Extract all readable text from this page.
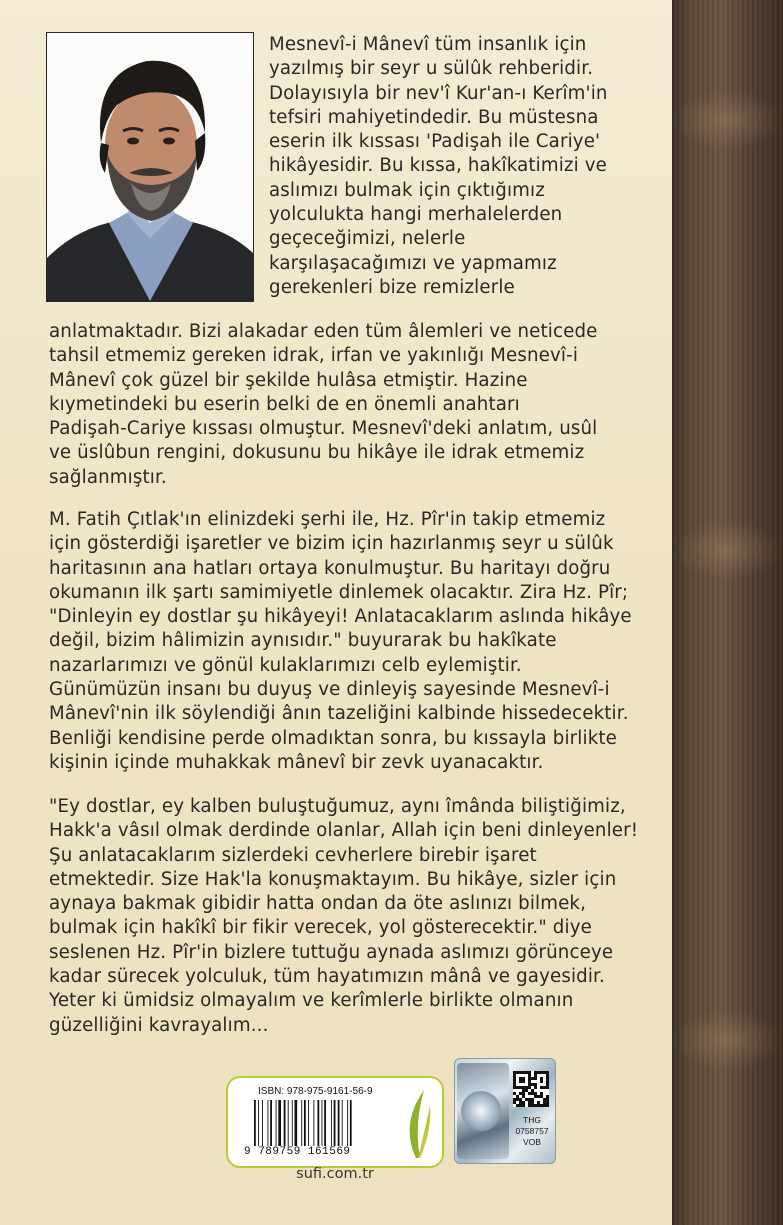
Mesnevî-i Mânevî tüm insanlık için
yazılmış bir seyr u sülûk rehberidir.
Dolayısıyla bir nev'î Kur'an-ı Kerîm'in
tefsiri mahiyetindedir. Bu müstesna
eserin ilk kıssası 'Padişah ile Cariye'
hikâyesidir. Bu kıssa, hakîkatimizi ve
aslımızı bulmak için çıktığımız
yolculukta hangi merhalelerden
geçeceğimizi, nelerle
karşılaşacağımızı ve yapmamız
gerekenleri bize remizlerle
anlatmaktadır. Bizi alakadar eden tüm âlemleri ve neticede
tahsil etmemiz gereken idrak, irfan ve yakınlığı Mesnevî-i
Mânevî çok güzel bir şekilde hulâsa etmiştir. Hazine
kıymetindeki bu eserin belki de en önemli anahtarı
Padişah-Cariye kıssası olmuştur. Mesnevî'deki anlatım, usûl
ve üslûbun rengini, dokusunu bu hikâye ile idrak etmemiz
sağlanmıştır.
M. Fatih Çıtlak'ın elinizdeki şerhi ile, Hz. Pîr'in takip etmemiz
için gösterdiği işaretler ve bizim için hazırlanmış seyr u sülûk
haritasının ana hatları ortaya konulmuştur. Bu haritayı doğru
okumanın ilk şartı samimiyetle dinlemek olacaktır. Zira Hz. Pîr;
"Dinleyin ey dostlar şu hikâyeyi! Anlatacaklarım aslında hikâye
değil, bizim hâlimizin aynısıdır." buyurarak bu hakîkate
nazarlarımızı ve gönül kulaklarımızı celb eylemiştir.
Günümüzün insanı bu duyuş ve dinleyiş sayesinde Mesnevî-i
Mânevî'nin ilk söylendiği ânın tazeliğini kalbinde hissedecektir.
Benliği kendisine perde olmadıktan sonra, bu kıssayla birlikte
kişinin içinde muhakkak mânevî bir zevk uyanacaktır.
"Ey dostlar, ey kalben buluştuğumuz, aynı îmânda biliştiğimiz,
Hakk'a vâsıl olmak derdinde olanlar, Allah için beni dinleyenler!
Şu anlatacaklarım sizlerdeki cevherlere birebir işaret
etmektedir. Size Hak'la konuşmaktayım. Bu hikâye, sizler için
aynaya bakmak gibidir hatta ondan da öte aslınızı bilmek,
bulmak için hakîkî bir fikir verecek, yol gösterecektir." diye
seslenen Hz. Pîr'in bizlere tuttuğu aynada aslımızı görünceye
kadar sürecek yolculuk, tüm hayatımızın mânâ ve gayesidir.
Yeter ki ümidsiz olmayalım ve kerîmlerle birlikte olmanın
güzelliğini kavrayalım...
ISBN: 978-975-9161-56-9
9 789759 161569
THG
0758757
VOB
sufi.com.tr
